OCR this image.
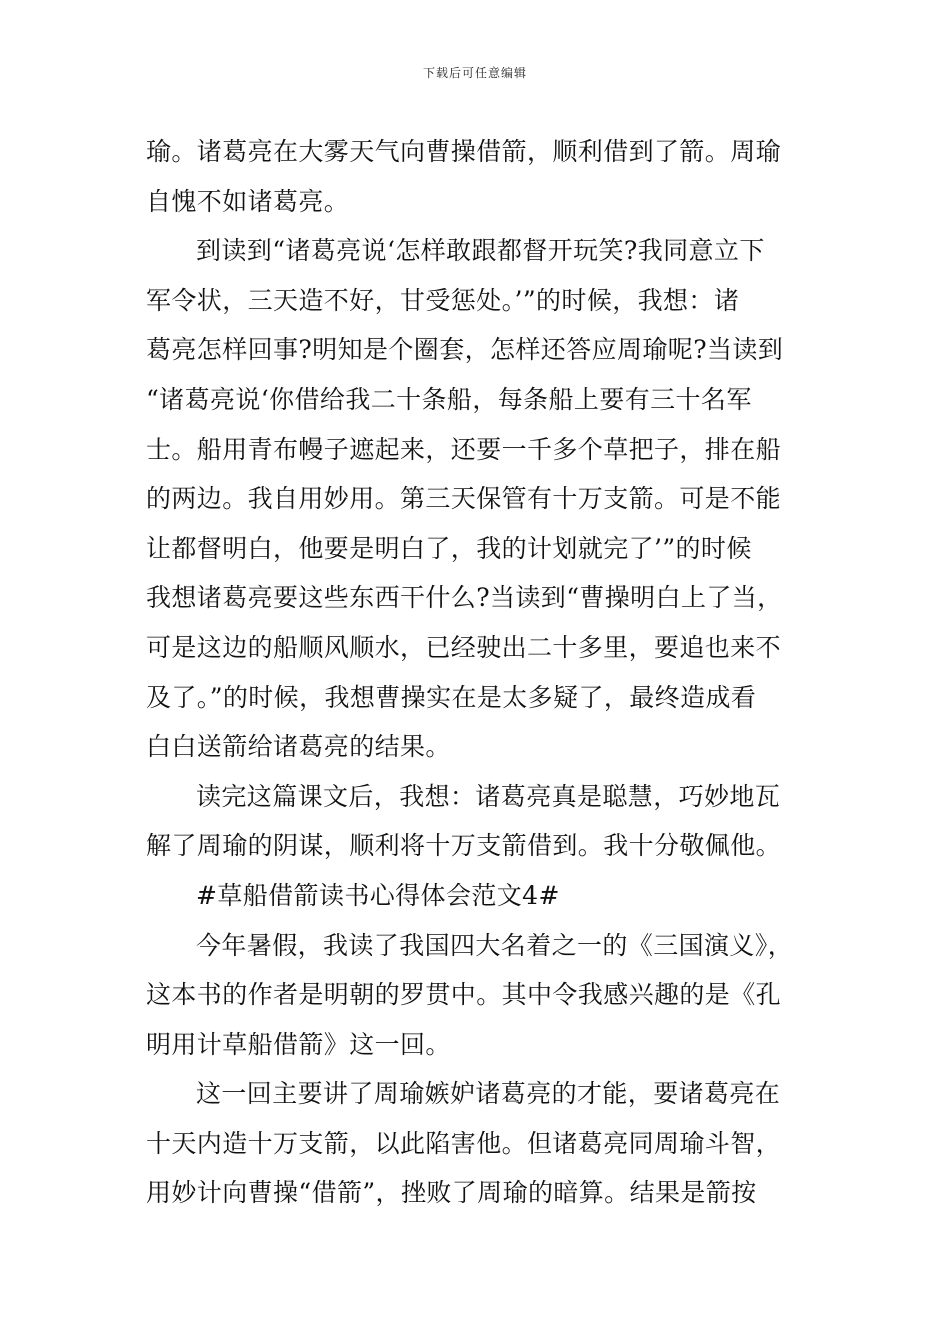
下载后可任意编辑
瑜。诸葛亮在大雾天气向曹操借箭，顺利借到了箭。周瑜
自愧不如诸葛亮。
到读到“诸葛亮说‘怎样敢跟都督开玩笑?我同意立下
军令状，三天造不好，甘受惩处。’”的时候，我想：诸
葛亮怎样回事?明知是个圈套，怎样还答应周瑜呢?当读到
“诸葛亮说‘你借给我二十条船，每条船上要有三十名军
士。船用青布幔子遮起来，还要一千多个草把子，排在船
的两边。我自用妙用。第三天保管有十万支箭。可是不能
让都督明白，他要是明白了，我的计划就完了’”的时候
我想诸葛亮要这些东西干什么?当读到“曹操明白上了当，
可是这边的船顺风顺水，已经驶出二十多里，要追也来不
及了。”的时候，我想曹操实在是太多疑了，最终造成看
白白送箭给诸葛亮的结果。
读完这篇课文后，我想：诸葛亮真是聪慧，巧妙地瓦
解了周瑜的阴谋，顺利将十万支箭借到。我十分敬佩他。
#草船借箭读书心得体会范文4#
今年暑假，我读了我国四大名着之一的《三国演义》，
这本书的作者是明朝的罗贯中。其中令我感兴趣的是《孔
明用计草船借箭》这一回。
这一回主要讲了周瑜嫉妒诸葛亮的才能，要诸葛亮在
十天内造十万支箭，以此陷害他。但诸葛亮同周瑜斗智，
用妙计向曹操“借箭”，挫败了周瑜的暗算。结果是箭按
